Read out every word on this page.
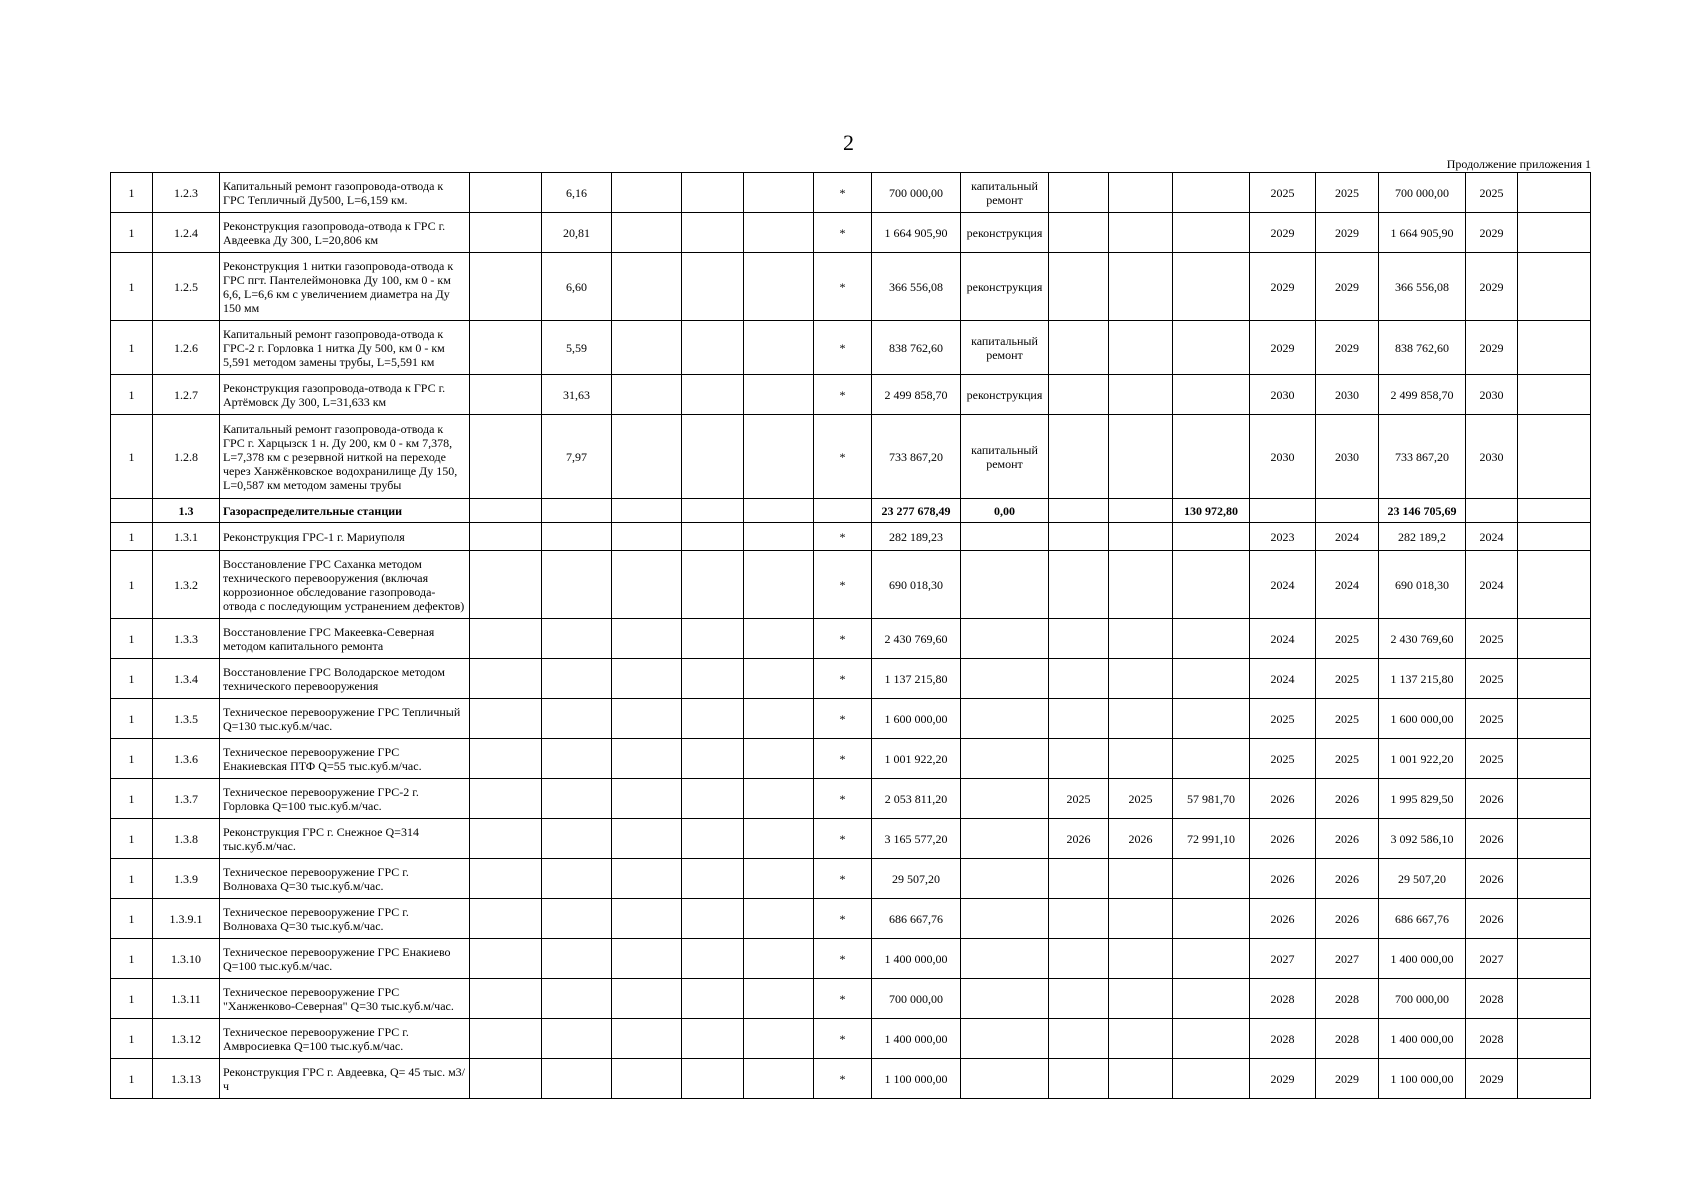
2
Продолжение приложения 1
1	1.2.3	Капитальный ремонт газопровода-отвода к ГРС Тепличный Ду500, L=6,159 км.		6,16				*	700 000,00	капитальный ремонт				2025	2025	700 000,00	2025	
1	1.2.4	Реконструкция газопровода-отвода к ГРС г. Авдеевка Ду 300, L=20,806 км		20,81				*	1 664 905,90	реконструкция				2029	2029	1 664 905,90	2029	
1	1.2.5	Реконструкция 1 нитки газопровода-отвода к ГРС пгт. Пантелеймоновка Ду 100, км 0 - км 6,6, L=6,6 км с увеличением диаметра на Ду 150 мм		6,60				*	366 556,08	реконструкция				2029	2029	366 556,08	2029	
1	1.2.6	Капитальный ремонт газопровода-отвода к ГРС-2 г. Горловка 1 нитка Ду 500, км 0 - км 5,591 методом замены трубы, L=5,591 км		5,59				*	838 762,60	капитальный ремонт				2029	2029	838 762,60	2029	
1	1.2.7	Реконструкция газопровода-отвода к ГРС г. Артёмовск Ду 300, L=31,633 км		31,63				*	2 499 858,70	реконструкция				2030	2030	2 499 858,70	2030	
1	1.2.8	Капитальный ремонт газопровода-отвода к ГРС г. Харцызск 1 н. Ду 200, км 0 - км 7,378, L=7,378 км с резервной ниткой на переходе через Ханжёнковское водохранилище Ду 150, L=0,587 км методом замены трубы		7,97				*	733 867,20	капитальный ремонт				2030	2030	733 867,20	2030	
	1.3	Газораспределительные станции							23 277 678,49	0,00			130 972,80			23 146 705,69		
1	1.3.1	Реконструкция ГРС-1 г. Мариуполя						*	282 189,23					2023	2024	282 189,2	2024	
1	1.3.2	Восстановление ГРС Саханка методом технического перевооружения (включая коррозионное обследование газопровода-отвода с последующим устранением дефектов)						*	690 018,30					2024	2024	690 018,30	2024	
1	1.3.3	Восстановление ГРС Макеевка-Северная методом капитального ремонта						*	2 430 769,60					2024	2025	2 430 769,60	2025	
1	1.3.4	Восстановление ГРС Володарское методом технического перевооружения						*	1 137 215,80					2024	2025	1 137 215,80	2025	
1	1.3.5	Техническое перевооружение ГРС Тепличный Q=130 тыс.куб.м/час.						*	1 600 000,00					2025	2025	1 600 000,00	2025	
1	1.3.6	Техническое перевооружение ГРС Енакиевская ПТФ Q=55 тыс.куб.м/час.						*	1 001 922,20					2025	2025	1 001 922,20	2025	
1	1.3.7	Техническое перевооружение ГРС-2 г. Горловка Q=100 тыс.куб.м/час.						*	2 053 811,20		2025	2025	57 981,70	2026	2026	1 995 829,50	2026	
1	1.3.8	Реконструкция ГРС г. Снежное Q=314 тыс.куб.м/час.						*	3 165 577,20		2026	2026	72 991,10	2026	2026	3 092 586,10	2026	
1	1.3.9	Техническое перевооружение ГРС г. Волноваха Q=30 тыс.куб.м/час.						*	29 507,20					2026	2026	29 507,20	2026	
1	1.3.9.1	Техническое перевооружение ГРС г. Волноваха Q=30 тыс.куб.м/час.						*	686 667,76					2026	2026	686 667,76	2026	
1	1.3.10	Техническое перевооружение ГРС Енакиево Q=100 тыс.куб.м/час.						*	1 400 000,00					2027	2027	1 400 000,00	2027	
1	1.3.11	Техническое перевооружение ГРС "Ханженково-Северная" Q=30 тыс.куб.м/час.						*	700 000,00					2028	2028	700 000,00	2028	
1	1.3.12	Техническое перевооружение ГРС г. Амвросиевка Q=100 тыс.куб.м/час.						*	1 400 000,00					2028	2028	1 400 000,00	2028	
1	1.3.13	Реконструкция ГРС г. Авдеевка, Q= 45 тыс. м3/ч						*	1 100 000,00					2029	2029	1 100 000,00	2029	
